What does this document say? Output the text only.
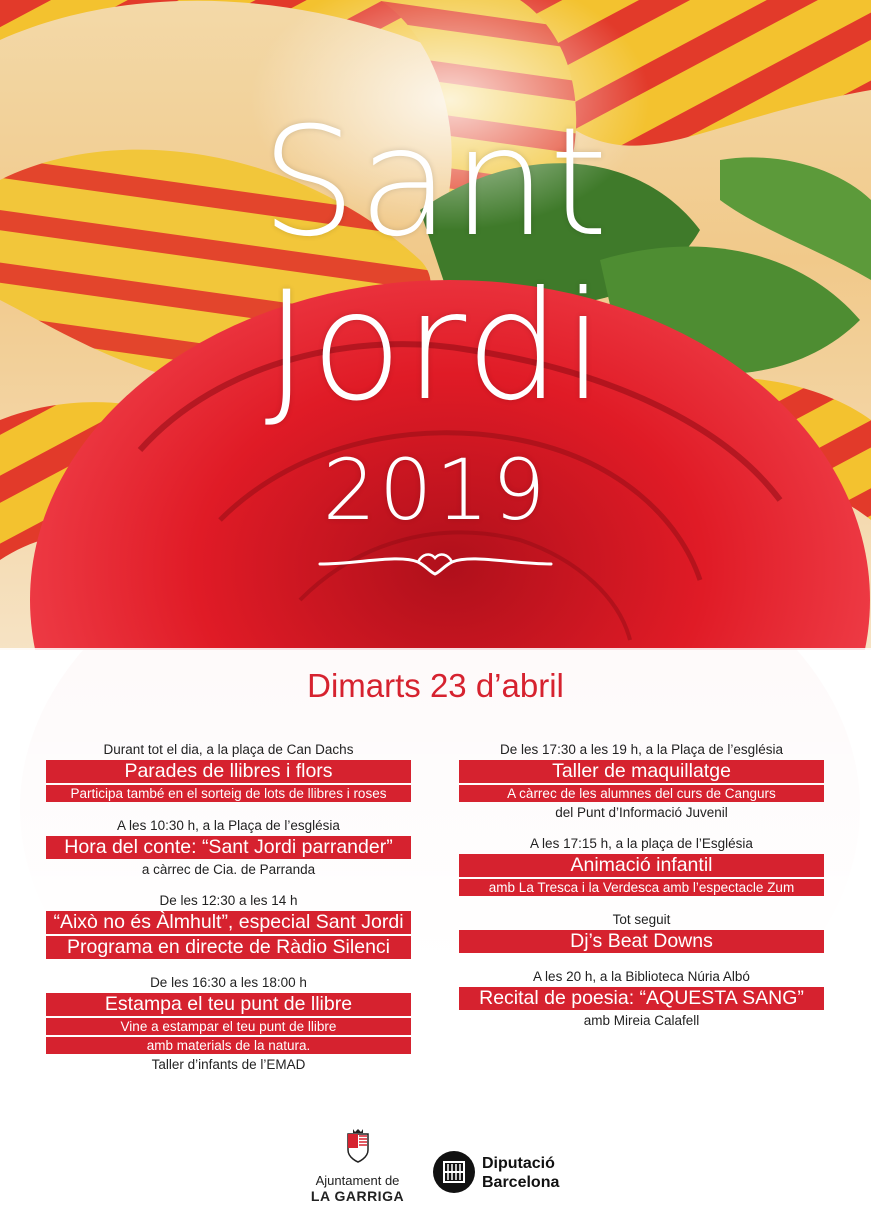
Sant
Jordi
2019
Dimarts 23 d’abril
Durant tot el dia, a la plaça de Can Dachs
Parades de llibres i flors
Participa també en el sorteig de lots de llibres i roses
A les 10:30 h, a la Plaça de l’església
Hora del conte: “Sant Jordi parrander”
a càrrec de Cia. de Parranda
De les 12:30 a les 14 h
“Això no és Àlmhult”, especial Sant Jordi
Programa en directe de Ràdio Silenci
De les 16:30 a les 18:00 h
Estampa el teu punt de llibre
Vine a estampar el teu punt de llibre
amb materials de la natura.
Taller d’infants de l’EMAD
De les 17:30 a les 19 h, a la Plaça de l’església
Taller de maquillatge
A càrrec de les alumnes del curs de Cangurs
del Punt d’Informació Juvenil
A les 17:15 h, a la plaça de l’Església
Animació infantil
amb La Tresca i la Verdesca amb l’espectacle Zum
Tot seguit
Dj’s Beat Downs
A les 20 h, a la Biblioteca Núria Albó
Recital de poesia: “AQUESTA SANG”
amb Mireia Calafell
Ajuntament de
LA GARRIGA
Diputació
Barcelona
